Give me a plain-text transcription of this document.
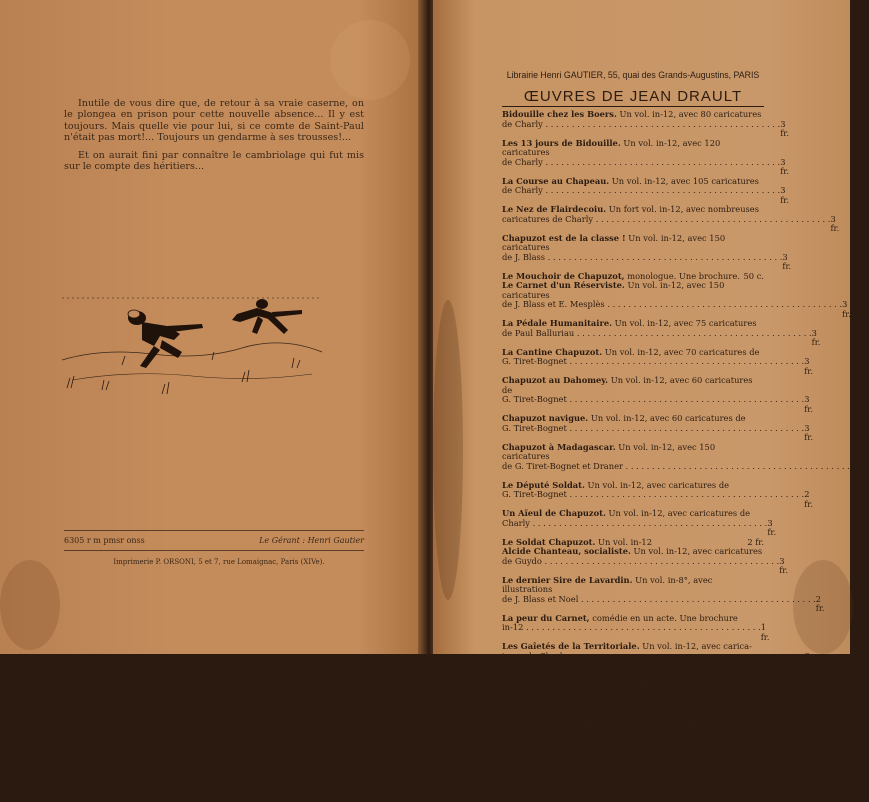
Inutile de vous dire que, de retour à sa vraie caserne, on le plongea en prison pour cette nouvelle absence... Il y est toujours. Mais quelle vie pour lui, si ce comte de Saint-Paul n'était pas mort!... Toujours un gendarme à ses trousses!...

Et on aurait fini par connaître le cambriolage qui fut mis sur le compte des héritiers...

6305 r m pmsr onss	Le Gérant : Henri Gautier
Imprimerie P. ORSONI, 5 et 7, rue Lomaignac, Paris (XIVe).
Librairie Henri GAUTIER, 55, quai des Grands-Augustins, PARIS
ŒUVRES DE JEAN DRAULT
Bidouille chez les Boers. Un vol. in-12, avec 80 caricatures
de Charly . . . . . . . . . . . . . . . . . . . . . . . . . . . . . . . . . . . . . . . . . . . . . 3 fr.
Les 13 jours de Bidouille. Un vol. in-12, avec 120 caricatures
de Charly . . . . . . . . . . . . . . . . . . . . . . . . . . . . . . . . . . . . . . . . . . . . . 3 fr.
La Course au Chapeau. Un vol. in-12, avec 105 caricatures
de Charly . . . . . . . . . . . . . . . . . . . . . . . . . . . . . . . . . . . . . . . . . . . . . 3 fr.
Le Nez de Flairdecoiu. Un fort vol. in-12, avec nombreuses
caricatures de Charly . . . . . . . . . . . . . . . . . . . . . . . . . . . . . . . . . . . . . . . . . . . . . 3 fr.
Chapuzot est de la classe ! Un vol. in-12, avec 150 caricatures
de J. Blass . . . . . . . . . . . . . . . . . . . . . . . . . . . . . . . . . . . . . . . . . . . . . 3 fr.
Le Mouchoir de Chapuzot, monologue. Une brochure. 50 c.
Le Carnet d'un Réserviste. Un vol. in-12, avec 150 caricatures
de J. Blass et E. Mesplès . . . . . . . . . . . . . . . . . . . . . . . . . . . . . . . . . . . . . . . . . . . . . 3 fr.
La Pédale Humanitaire. Un vol. in-12, avec 75 caricatures
de Paul Balluriau . . . . . . . . . . . . . . . . . . . . . . . . . . . . . . . . . . . . . . . . . . . . . 3 fr.
La Cantine Chapuzot. Un vol. in-12, avec 70 caricatures de
G. Tiret-Bognet . . . . . . . . . . . . . . . . . . . . . . . . . . . . . . . . . . . . . . . . . . . . . 3 fr.
Chapuzot au Dahomey. Un vol. in-12, avec 60 caricatures de
G. Tiret-Bognet . . . . . . . . . . . . . . . . . . . . . . . . . . . . . . . . . . . . . . . . . . . . . 3 fr.
Chapuzot navigue. Un vol. in-12, avec 60 caricatures de
G. Tiret-Bognet . . . . . . . . . . . . . . . . . . . . . . . . . . . . . . . . . . . . . . . . . . . . . 3 fr.
Chapuzot à Madagascar. Un vol. in-12, avec 150 caricatures
de G. Tiret-Bognet et Draner . . . . . . . . . . . . . . . . . . . . . . . . . . . . . . . . . . . . . . . . . . . . . 3 fr.
Le Député Soldat. Un vol. in-12, avec caricatures de
G. Tiret-Bognet . . . . . . . . . . . . . . . . . . . . . . . . . . . . . . . . . . . . . . . . . . . . . 2 fr.
Un Aïeul de Chapuzot. Un vol. in-12, avec caricatures de
Charly . . . . . . . . . . . . . . . . . . . . . . . . . . . . . . . . . . . . . . . . . . . . . 3 fr.
Le Soldat Chapuzot. Un vol. in-12	2 fr.
Alcide Chanteau, socialiste. Un vol. in-12, avec caricatures
de Guydo . . . . . . . . . . . . . . . . . . . . . . . . . . . . . . . . . . . . . . . . . . . . . 3 fr.
Le dernier Sire de Lavardin. Un vol. in-8°, avec illustrations
de J. Blass et Noel . . . . . . . . . . . . . . . . . . . . . . . . . . . . . . . . . . . . . . . . . . . . . 2 fr.
La peur du Carnet, comédie en un acte. Une brochure
in-12 . . . . . . . . . . . . . . . . . . . . . . . . . . . . . . . . . . . . . . . . . . . . . 1 fr.
Les Gaîetés de la Territoriale. Un vol. in-12, avec carica-
tures de Charly . . . . . . . . . . . . . . . . . . . . . . . . . . . . . . . . . . . . . . . . . . . . . 3 fr.
JEAN DRAULT ET JULES CLERMONT
Fricotard et Chapuzot, comédie en 3 actes. Une bro-
chure . . . . . . . . . . . . . . . . . . . . . . . . . . . . . . . . . . . . . . . . . 1 fr.
JEAN DRAULT ET NOËL GAULOIS
La Bête noire de Baptistin, comédie-bouffe en deux actes.
Une brochure . . . . . . . . . . . . . . . . . . . . . . . . . . . . . . . . . . . . . . . . . 1 fr.
Pour recevoir chacun de ces ouvrages franco, il suffit d'en envoyer le montant, en mandat-poste ou timbres français, à M. Henri GAUTIER, éditeur, 55, quai des Grands-Augustins, à Paris.
